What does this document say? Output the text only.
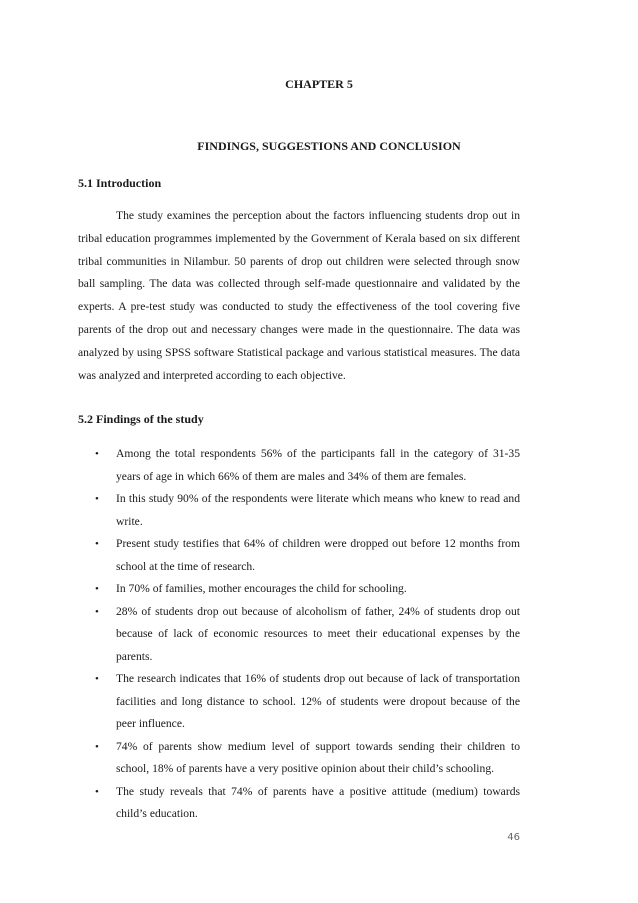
CHAPTER 5
FINDINGS, SUGGESTIONS AND CONCLUSION
5.1 Introduction

The study examines the perception about the factors influencing students drop out in tribal education programmes implemented by the Government of Kerala based on six different tribal communities in Nilambur. 50 parents of drop out children were selected through snow ball sampling. The data was collected through self-made questionnaire and validated by the experts. A pre-test study was conducted to study the effectiveness of the tool covering five parents of the drop out and necessary changes were made in the questionnaire. The data was analyzed by using SPSS software Statistical package and various statistical measures. The data was analyzed and interpreted according to each objective.

5.2 Findings of the study
• Among the total respondents 56% of the participants fall in the category of 31-35 years of age in which 66% of them are males and 34% of them are females.
• In this study 90% of the respondents were literate which means who knew to read and write.
• Present study testifies that 64% of children were dropped out before 12 months from school at the time of research.
• In 70% of families, mother encourages the child for schooling.
• 28% of students drop out because of alcoholism of father, 24% of students drop out because of lack of economic resources to meet their educational expenses by the parents.
• The research indicates that 16% of students drop out because of lack of transportation facilities and long distance to school. 12% of students were dropout because of the peer influence.
• 74% of parents show medium level of support towards sending their children to school, 18% of parents have a very positive opinion about their child’s schooling.
• The study reveals that 74% of parents have a positive attitude (medium) towards child’s education.
46
